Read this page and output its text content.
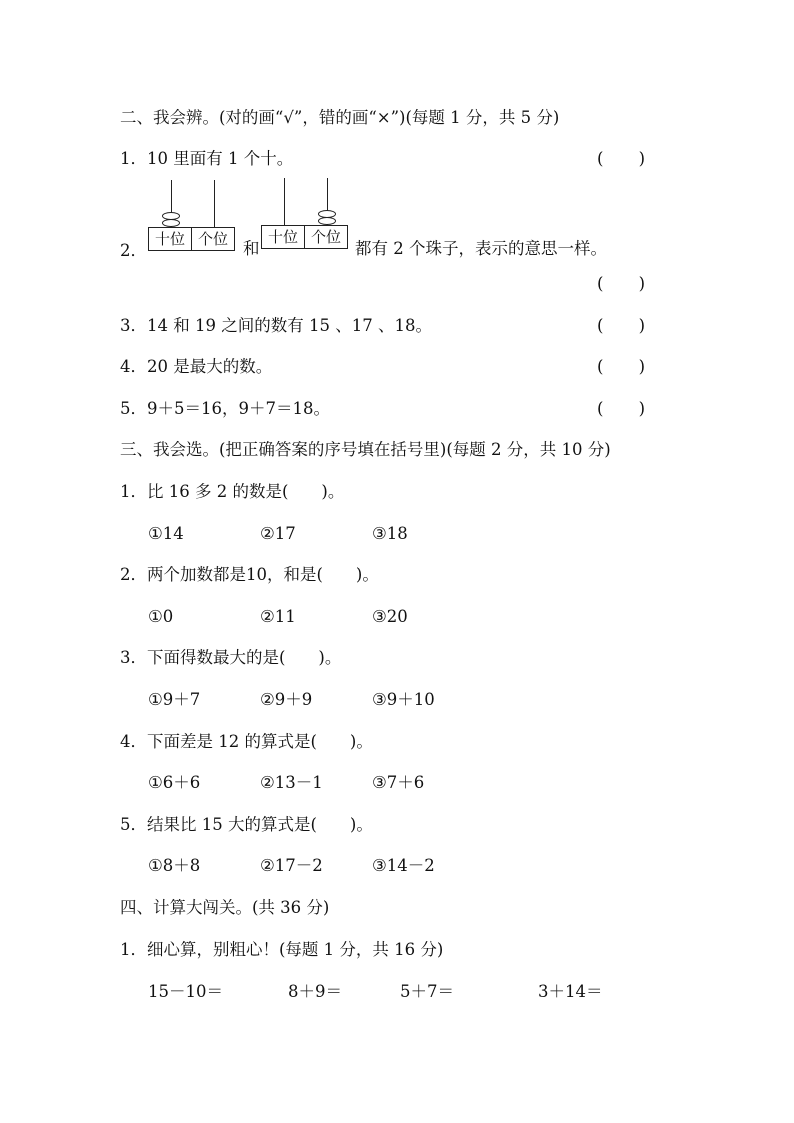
二、我会辨。(对的画“√”，错的画“×”)(每题 1 分，共 5 分)
1．10 里面有 1 个十。	( )
2．
十位 个位 和
十位 个位
都有 2 个珠子，表示的意思一样。
( )
3．14 和 19 之间的数有 15 、17 、18。	( )
4．20 是最大的数。	( )
5．9＋5＝16，9＋7＝18。	( )
三、我会选。(把正确答案的序号填在括号里)(每题 2 分，共 10 分)
1．比 16 多 2 的数是(　　)。
①14	②17	③18
2．两个加数都是10，和是(　　)。
①0	②11	③20
3．下面得数最大的是(　　)。
①9＋7	②9＋9	③9＋10
4．下面差是 12 的算式是(　　)。
①6＋6	②13－1	③7＋6
5．结果比 15 大的算式是(　　)。
①8＋8	②17－2	③14－2
四、计算大闯关。(共 36 分)
1．细心算，别粗心！(每题 1 分，共 16 分)
15－10＝	8＋9＝	5＋7＝	3＋14＝
